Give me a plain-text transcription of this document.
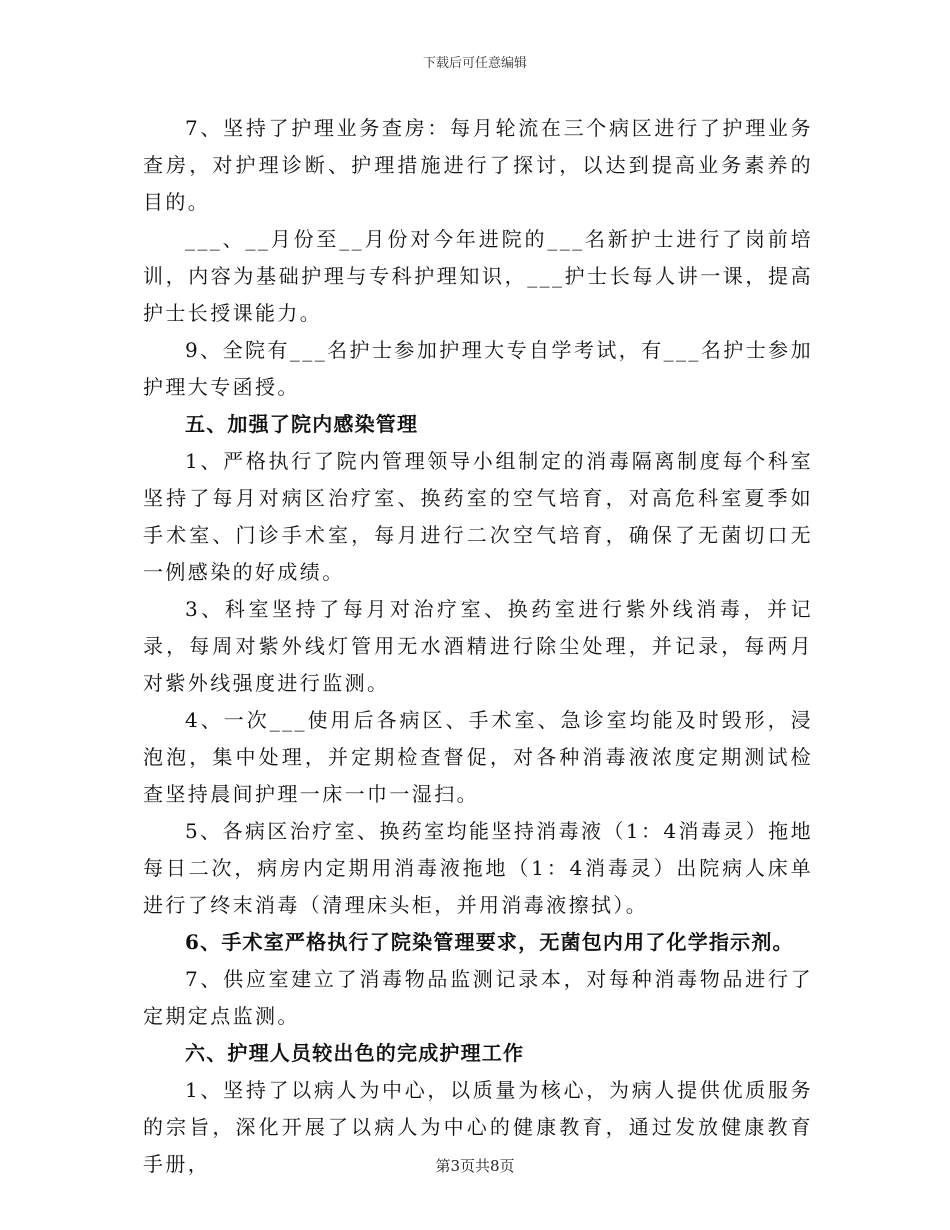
下载后可任意编辑

7、坚持了护理业务查房：每月轮流在三个病区进行了护理业务查房，对护理诊断、护理措施进行了探讨，以达到提高业务素养的目的。

___、__月份至__月份对今年进院的___名新护士进行了岗前培训，内容为基础护理与专科护理知识，___护士长每人讲一课，提高护士长授课能力。

9、全院有___名护士参加护理大专自学考试，有___名护士参加护理大专函授。

五、加强了院内感染管理

1、严格执行了院内管理领导小组制定的消毒隔离制度每个科室坚持了每月对病区治疗室、换药室的空气培育，对高危科室夏季如手术室、门诊手术室，每月进行二次空气培育，确保了无菌切口无一例感染的好成绩。

3、科室坚持了每月对治疗室、换药室进行紫外线消毒，并记录，每周对紫外线灯管用无水酒精进行除尘处理，并记录，每两月对紫外线强度进行监测。

4、一次___使用后各病区、手术室、急诊室均能及时毁形，浸泡泡，集中处理，并定期检查督促，对各种消毒液浓度定期测试检查坚持晨间护理一床一巾一湿扫。

5、各病区治疗室、换药室均能坚持消毒液（1：4消毒灵）拖地每日二次，病房内定期用消毒液拖地（1：4消毒灵）出院病人床单进行了终末消毒（清理床头柜，并用消毒液擦拭）。

6、手术室严格执行了院染管理要求，无菌包内用了化学指示剂。

7、供应室建立了消毒物品监测记录本，对每种消毒物品进行了定期定点监测。

六、护理人员较出色的完成护理工作

1、坚持了以病人为中心，以质量为核心，为病人提供优质服务的宗旨，深化开展了以病人为中心的健康教育，通过发放健康教育手册，	第3页共8页
